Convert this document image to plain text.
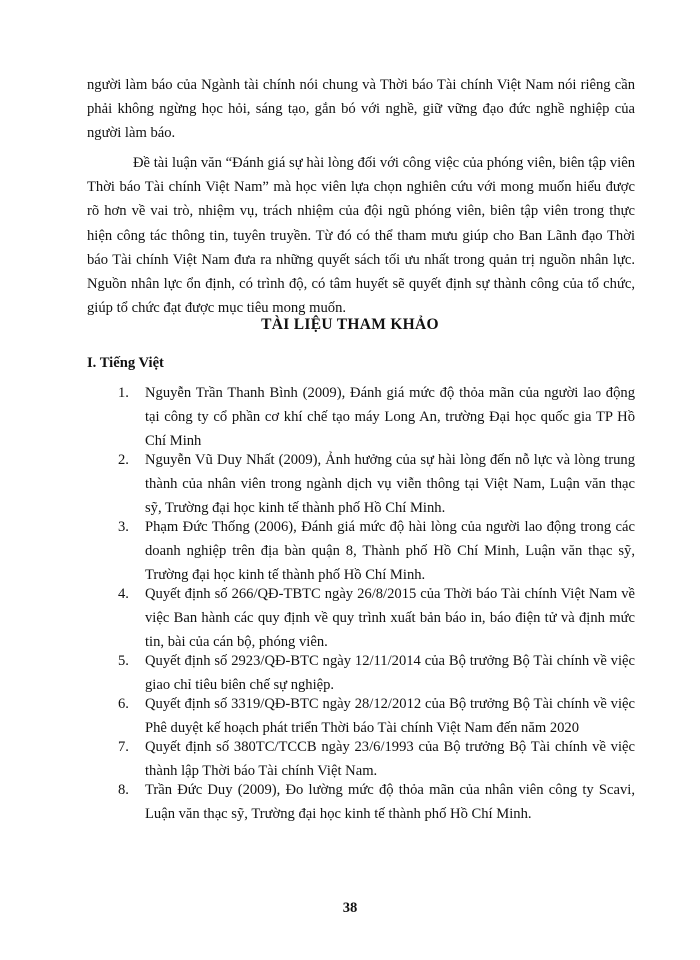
người làm báo của Ngành tài chính nói chung và Thời báo Tài chính Việt Nam nói riêng cần phải không ngừng học hỏi, sáng tạo, gắn bó với nghề, giữ vững đạo đức nghề nghiệp của người làm báo.

Đề tài luận văn “Đánh giá sự hài lòng đối với công việc của phóng viên, biên tập viên Thời báo Tài chính Việt Nam” mà học viên lựa chọn nghiên cứu với mong muốn hiểu được rõ hơn về vai trò, nhiệm vụ, trách nhiệm của đội ngũ phóng viên, biên tập viên trong thực hiện công tác thông tin, tuyên truyền. Từ đó có thể tham mưu giúp cho Ban Lãnh đạo Thời báo Tài chính Việt Nam đưa ra những quyết sách tối ưu nhất trong quản trị nguồn nhân lực. Nguồn nhân lực ổn định, có trình độ, có tâm huyết sẽ quyết định sự thành công của tổ chức, giúp tổ chức đạt được mục tiêu mong muốn.

TÀI LIỆU THAM KHẢO
I. Tiếng Việt
1.	Nguyễn Trần Thanh Bình (2009), Đánh giá mức độ thỏa mãn của người lao động tại công ty cổ phần cơ khí chế tạo máy Long An, trường Đại học quốc gia TP Hồ Chí Minh

2.	Nguyễn Vũ Duy Nhất (2009), Ảnh hưởng của sự hài lòng đến nỗ lực và lòng trung thành của nhân viên trong ngành dịch vụ viễn thông tại Việt Nam, Luận văn thạc sỹ, Trường đại học kinh tế thành phố Hồ Chí Minh.

3.	Phạm Đức Thống (2006), Đánh giá mức độ hài lòng của người lao động trong các doanh nghiệp trên địa bàn quận 8, Thành phố Hồ Chí Minh, Luận văn thạc sỹ, Trường đại học kinh tế thành phố Hồ Chí Minh.

4.	Quyết định số 266/QĐ-TBTC ngày 26/8/2015 của Thời báo Tài chính Việt Nam về việc Ban hành các quy định về quy trình xuất bản báo in, báo điện tử và định mức tin, bài của cán bộ, phóng viên.

5.	Quyết định số 2923/QĐ-BTC ngày 12/11/2014 của Bộ trưởng Bộ Tài chính về việc giao chỉ tiêu biên chế sự nghiệp.

6.	Quyết định số 3319/QĐ-BTC ngày 28/12/2012 của Bộ trưởng Bộ Tài chính về việc Phê duyệt kế hoạch phát triển Thời báo Tài chính Việt Nam đến năm 2020

7.	Quyết định số 380TC/TCCB ngày 23/6/1993 của Bộ trưởng Bộ Tài chính về việc thành lập Thời báo Tài chính Việt Nam.

8.	Trần Đức Duy (2009), Đo lường mức độ thỏa mãn của nhân viên công ty Scavi, Luận văn thạc sỹ, Trường đại học kinh tế thành phố Hồ Chí Minh.

38
